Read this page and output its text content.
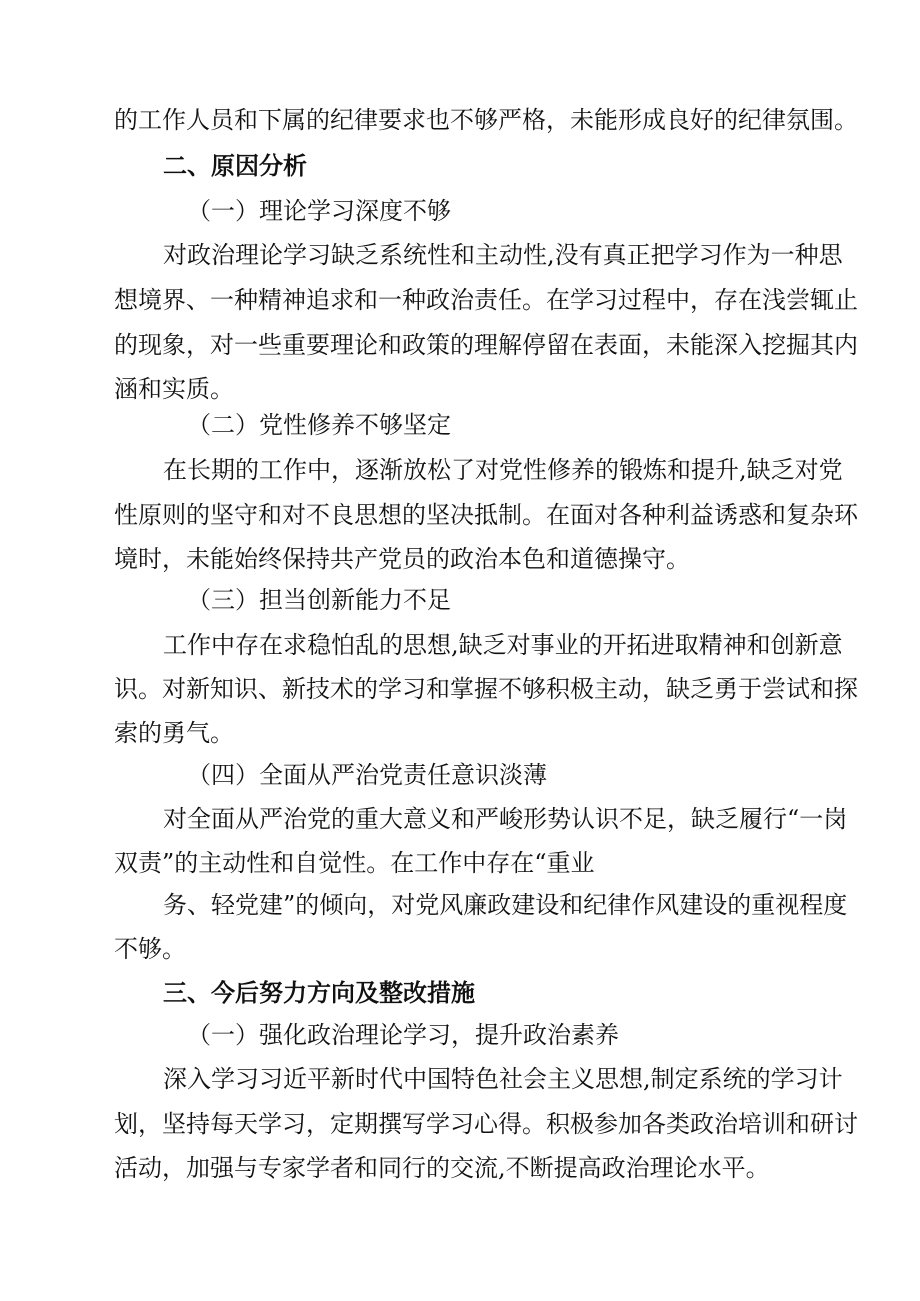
的工作人员和下属的纪律要求也不够严格，未能形成良好的纪律氛围。
二、原因分析
（一）理论学习深度不够
对政治理论学习缺乏系统性和主动性,没有真正把学习作为一种思
想境界、一种精神追求和一种政治责任。在学习过程中，存在浅尝辄止
的现象，对一些重要理论和政策的理解停留在表面，未能深入挖掘其内
涵和实质。
（二）党性修养不够坚定
在长期的工作中，逐渐放松了对党性修养的锻炼和提升,缺乏对党
性原则的坚守和对不良思想的坚决抵制。在面对各种利益诱惑和复杂环
境时，未能始终保持共产党员的政治本色和道德操守。
（三）担当创新能力不足
工作中存在求稳怕乱的思想,缺乏对事业的开拓进取精神和创新意
识。对新知识、新技术的学习和掌握不够积极主动，缺乏勇于尝试和探
索的勇气。
（四）全面从严治党责任意识淡薄
对全面从严治党的重大意义和严峻形势认识不足，缺乏履行“一岗
双责”的主动性和自觉性。在工作中存在“重业
务、轻党建”的倾向，对党风廉政建设和纪律作风建设的重视程度
不够。
三、今后努力方向及整改措施
（一）强化政治理论学习，提升政治素养
深入学习习近平新时代中国特色社会主义思想,制定系统的学习计
划，坚持每天学习，定期撰写学习心得。积极参加各类政治培训和研讨
活动，加强与专家学者和同行的交流,不断提高政治理论水平。
